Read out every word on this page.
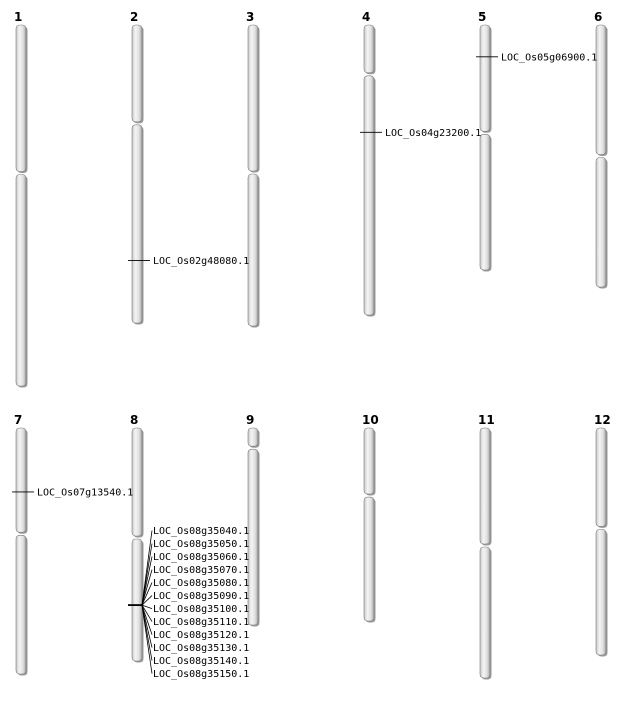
1	2	3	4	5	6
7	8	9	10	11	12
LOC_Os02g48080.1
LOC_Os04g23200.1
LOC_Os05g06900.1
LOC_Os07g13540.1
LOC_Os08g35040.1
LOC_Os08g35050.1
LOC_Os08g35060.1
LOC_Os08g35070.1
LOC_Os08g35080.1
LOC_Os08g35090.1
LOC_Os08g35100.1
LOC_Os08g35110.1
LOC_Os08g35120.1
LOC_Os08g35130.1
LOC_Os08g35140.1
LOC_Os08g35150.1
